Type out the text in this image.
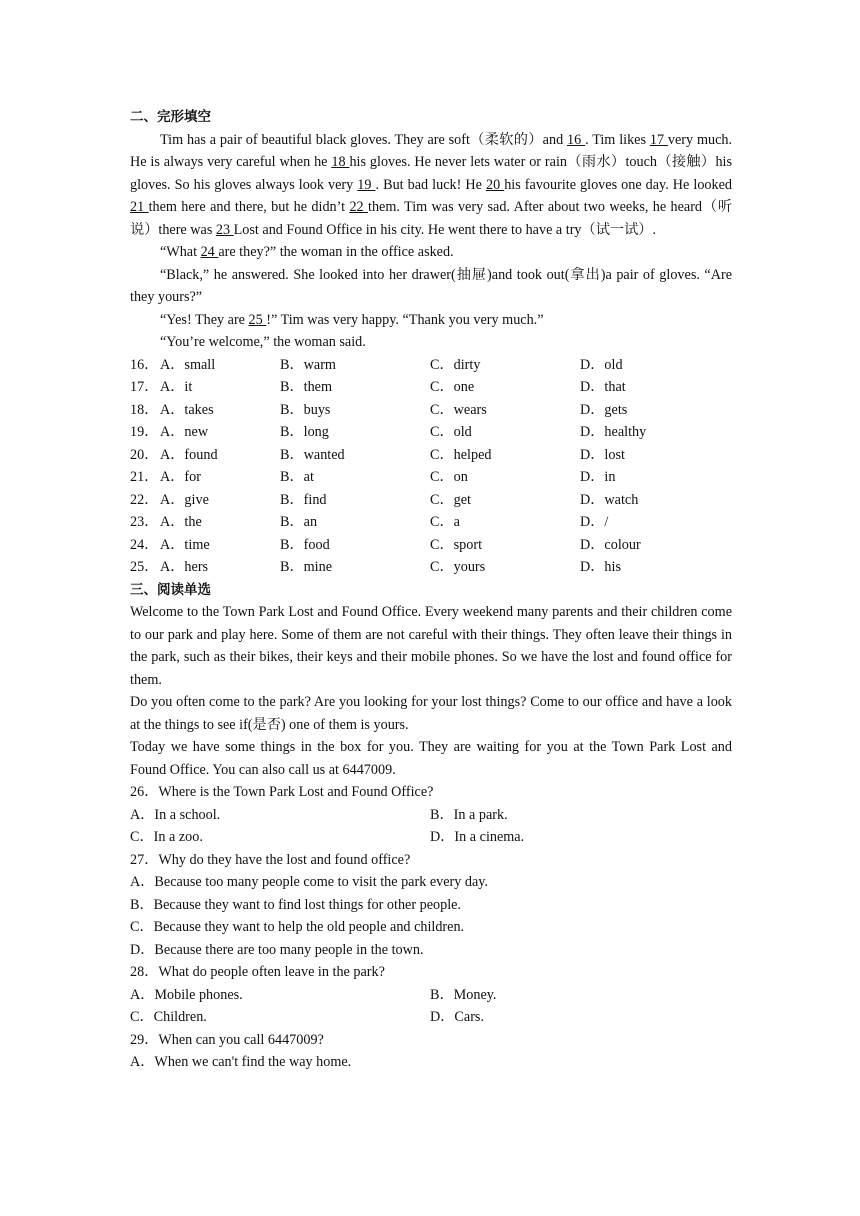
二、完形填空

Tim has a pair of beautiful black gloves. They are soft（柔软的）and 16 . Tim likes 17 very much. He is always very careful when he 18 his gloves. He never lets water or rain（雨水）touch（接触）his gloves. So his gloves always look very 19 . But bad luck! He 20 his favourite gloves one day. He looked 21 them here and there, but he didn’t 22 them. Tim was very sad. After about two weeks, he heard（听说）there was 23 Lost and Found Office in his city. He went there to have a try（试一试）.

“What 24 are they?” the woman in the office asked.

“Black,” he answered. She looked into her drawer(抽屉)and took out(拿出)a pair of gloves. “Are they yours?”

“Yes! They are 25 !” Tim was very happy. “Thank you very much.”

“You’re welcome,” the woman said.

16． A．small	B．warm	C．dirty	D．old
17． A．it	B．them	C．one	D．that
18． A．takes	B．buys	C．wears	D．gets
19． A．new	B．long	C．old	D．healthy
20． A．found	B．wanted	C．helped	D．lost
21． A．for	B．at	C．on	D．in
22． A．give	B．find	C．get	D．watch
23． A．the	B．an	C．a	D．/
24． A．time	B．food	C．sport	D．colour
25． A．hers	B．mine	C．yours	D．his
三、阅读单选

Welcome to the Town Park Lost and Found Office. Every weekend many parents and their children come to our park and play here. Some of them are not careful with their things. They often leave their things in the park, such as their bikes, their keys and their mobile phones. So we have the lost and found office for them.

Do you often come to the park? Are you looking for your lost things? Come to our office and have a look at the things to see if(是否) one of them is yours.

Today we have some things in the box for you. They are waiting for you at the Town Park Lost and Found Office. You can also call us at 6447009.

26．Where is the Town Park Lost and Found Office?
A．In a school.	B．In a park.
C．In a zoo.	D．In a cinema.
27．Why do they have the lost and found office?
A．Because too many people come to visit the park every day.
B．Because they want to find lost things for other people.
C．Because they want to help the old people and children.
D．Because there are too many people in the town.
28．What do people often leave in the park?
A．Mobile phones.	B．Money.
C．Children.	D．Cars.
29．When can you call 6447009?
A．When we can't find the way home.
